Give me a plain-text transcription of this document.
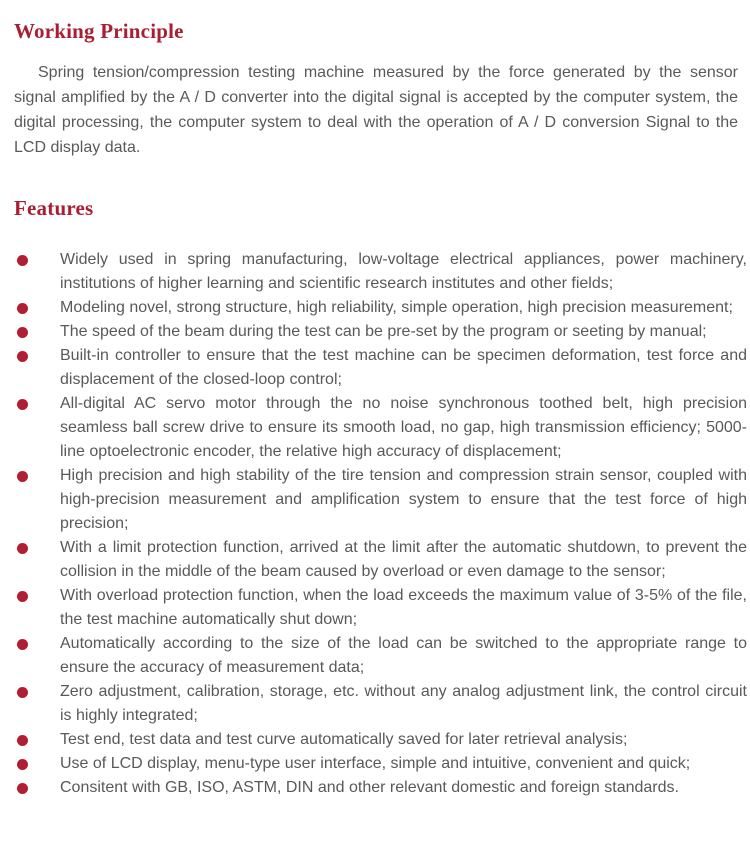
Working Principle

Spring tension/compression testing machine measured by the force generated by the sensor signal amplified by the A / D converter into the digital signal is accepted by the computer system, the digital processing, the computer system to deal with the operation of A / D conversion Signal to the LCD display data.

Features
Widely used in spring manufacturing, low-voltage electrical appliances, power machinery, institutions of higher learning and scientific research institutes and other fields;
Modeling novel, strong structure, high reliability, simple operation, high precision measurement;
The speed of the beam during the test can be pre-set by the program or seeting by manual;
Built-in controller to ensure that the test machine can be specimen deformation, test force and displacement of the closed-loop control;
All-digital AC servo motor through the no noise synchronous toothed belt, high precision seamless ball screw drive to ensure its smooth load, no gap, high transmission efficiency; 5000-line optoelectronic encoder, the relative high accuracy of displacement;
High precision and high stability of the tire tension and compression strain sensor, coupled with high-precision measurement and amplification system to ensure that the test force of high precision;
With a limit protection function, arrived at the limit after the automatic shutdown, to prevent the collision in the middle of the beam caused by overload or even damage to the sensor;
With overload protection function, when the load exceeds the maximum value of 3-5% of the file, the test machine automatically shut down;
Automatically according to the size of the load can be switched to the appropriate range to ensure the accuracy of measurement data;
Zero adjustment, calibration, storage, etc. without any analog adjustment link, the control circuit is highly integrated;
Test end, test data and test curve automatically saved for later retrieval analysis;
Use of LCD display, menu-type user interface, simple and intuitive, convenient and quick;
Consitent with GB, ISO, ASTM, DIN and other relevant domestic and foreign standards.
